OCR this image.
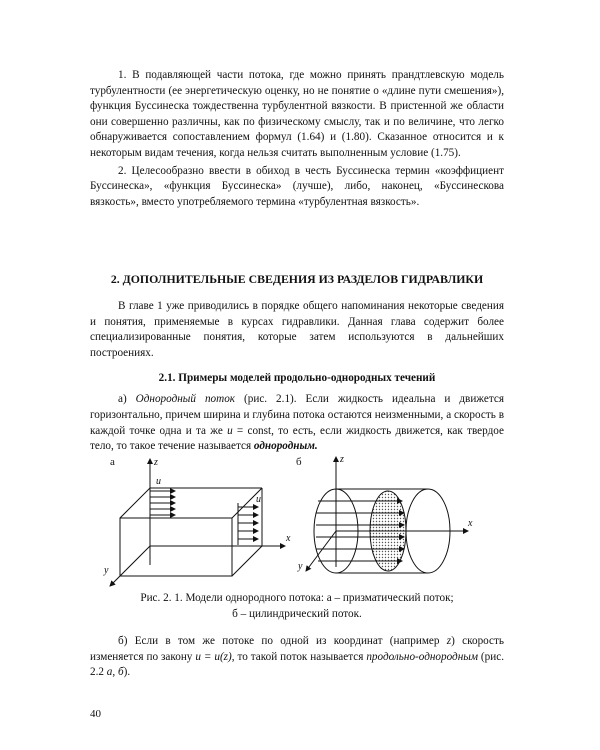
1. В подавляющей части потока, где можно принять прандтлевскую модель турбулентности (ее энергетическую оценку, но не понятие о «длине пути смешения»), функция Буссинеска тождественна турбулентной вязкости. В пристенной же области они совершенно различны, как по физическому смыслу, так и по величине, что легко обнаруживается сопоставлением формул (1.64) и (1.80). Сказанное относится и к некоторым видам течения, когда нельзя считать выполненным условие (1.75).

2. Целесообразно ввести в обиход в честь Буссинеска термин «коэффициент Буссинеска», «функция Буссинеска» (лучше), либо, наконец, «Буссинескова вязкость», вместо употребляемого термина «турбулентная вязкость».

2. ДОПОЛНИТЕЛЬНЫЕ СВЕДЕНИЯ ИЗ РАЗДЕЛОВ ГИДРАВЛИКИ

В главе 1 уже приводились в порядке общего напоминания некоторые сведения и понятия, применяемые в курсах гидравлики. Данная глава содержит более специализированные понятия, которые затем используются в дальнейших построениях.

2.1. Примеры моделей продольно-однородных течений

а) Однородный поток (рис. 2.1). Если жидкость идеальна и движется горизонтально, причем ширина и глубина потока остаются неизменными, а скорость в каждой точке одна и та же u = const, то есть, если жидкость движется, как твердое тело, то такое течение называется однородным.

а	z
x
y
u
u
б	z
x
y
Рис. 2. 1. Модели однородного потока: а – призматический поток;
б – цилиндрический поток.

б) Если в том же потоке по одной из координат (например z) скорость изменяется по закону u = u(z), то такой поток называется продольно-однородным (рис. 2.2 а, б).

40
